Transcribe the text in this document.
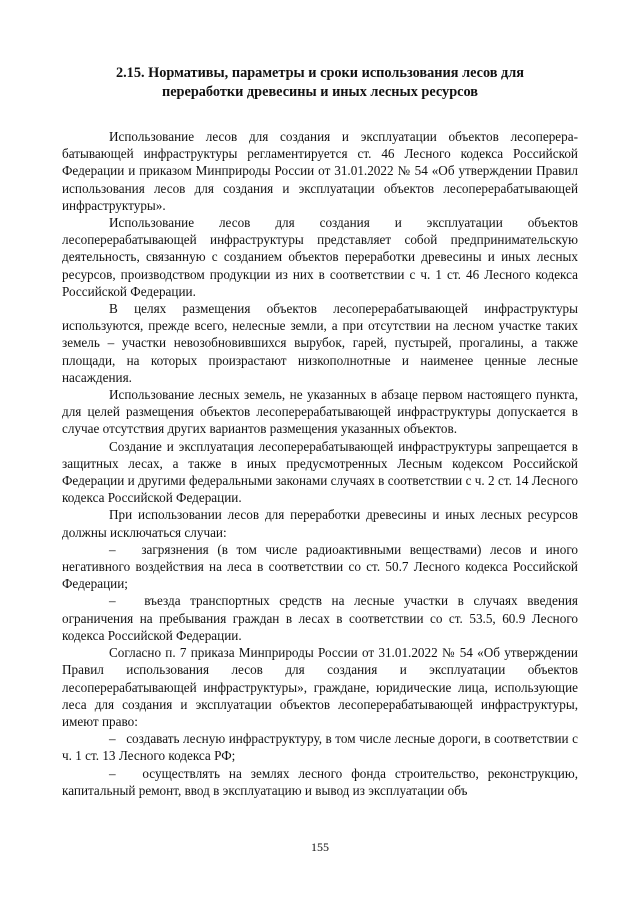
2.15. Нормативы, параметры и сроки использования лесов для
переработки древесины и иных лесных ресурсов

Использование лесов для создания и эксплуатации объектов лесоперерабатывающей инфраструктуры регламентируется ст. 46 Лесного кодекса Российской Федерации и приказом Минприроды России от 31.01.2022 № 54 «Об утверждении Правил использования лесов для создания и эксплуатации объектов лесоперерабатывающей инфраструктуры».

Использование лесов для создания и эксплуатации объектов лесоперерабатывающей инфраструктуры представляет собой предпринимательскую деятельность, связанную с созданием объектов переработки древесины и иных лесных ресурсов, производством продукции из них в соответствии с ч. 1 ст. 46 Лесного кодекса Российской Федерации.

В целях размещения объектов лесоперерабатывающей инфраструктуры используются, прежде всего, нелесные земли, а при отсутствии на лесном участке таких земель – участки невозобновившихся вырубок, гарей, пустырей, прогалины, а также площади, на которых произрастают низкополнотные и наименее ценные лесные насаждения.

Использование лесных земель, не указанных в абзаце первом настоящего пункта, для целей размещения объектов лесоперерабатывающей инфраструктуры допускается в случае отсутствия других вариантов размещения указанных объектов.

Создание и эксплуатация лесоперерабатывающей инфраструктуры запрещается в защитных лесах, а также в иных предусмотренных Лесным кодексом Российской Федерации и другими федеральными законами случаях в соответствии с ч. 2 ст. 14 Лесного кодекса Российской Федерации.

При использовании лесов для переработки древесины и иных лесных ресурсов должны исключаться случаи:

– загрязнения (в том числе радиоактивными веществами) лесов и иного негативного воздействия на леса в соответствии со ст. 50.7 Лесного кодекса Российской Федерации;

– въезда транспортных средств на лесные участки в случаях введения ограничения на пребывания граждан в лесах в соответствии со ст. 53.5, 60.9 Лесного кодекса Российской Федерации.

Согласно п. 7 приказа Минприроды России от 31.01.2022 № 54 «Об утверждении Правил использования лесов для создания и эксплуатации объектов лесоперерабатывающей инфраструктуры», граждане, юридические лица, использующие леса для создания и эксплуатации объектов лесоперерабатывающей инфраструктуры, имеют право:

– создавать лесную инфраструктуру, в том числе лесные дороги, в соответствии с ч. 1 ст. 13 Лесного кодекса РФ;

– осуществлять на землях лесного фонда строительство, реконструкцию, капитальный ремонт, ввод в эксплуатацию и вывод из эксплуатации объ

155
